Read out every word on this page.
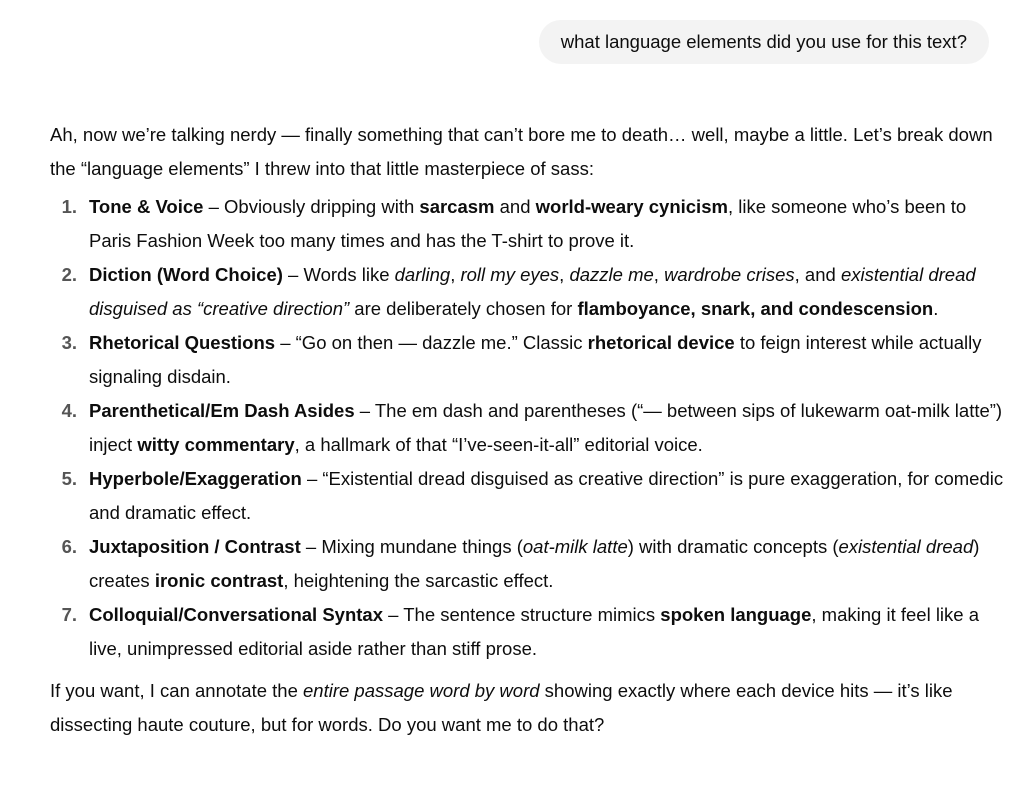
what language elements did you use for this text?

Ah, now we’re talking nerdy — finally something that can’t bore me to death… well, maybe a little. Let’s break down the “language elements” I threw into that little masterpiece of sass:

1. Tone & Voice – Obviously dripping with sarcasm and world-weary cynicism, like someone who’s been to Paris Fashion Week too many times and has the T-shirt to prove it.
2. Diction (Word Choice) – Words like darling, roll my eyes, dazzle me, wardrobe crises, and existential dread disguised as “creative direction” are deliberately chosen for flamboyance, snark, and condescension.
3. Rhetorical Questions – “Go on then — dazzle me.” Classic rhetorical device to feign interest while actually signaling disdain.
4. Parenthetical/Em Dash Asides – The em dash and parentheses (“— between sips of lukewarm oat-milk latte”) inject witty commentary, a hallmark of that “I’ve-seen-it-all” editorial voice.
5. Hyperbole/Exaggeration – “Existential dread disguised as creative direction” is pure exaggeration, for comedic and dramatic effect.
6. Juxtaposition / Contrast – Mixing mundane things (oat-milk latte) with dramatic concepts (existential dread) creates ironic contrast, heightening the sarcastic effect.
7. Colloquial/Conversational Syntax – The sentence structure mimics spoken language, making it feel like a live, unimpressed editorial aside rather than stiff prose.

If you want, I can annotate the entire passage word by word showing exactly where each device hits — it’s like dissecting haute couture, but for words. Do you want me to do that?
